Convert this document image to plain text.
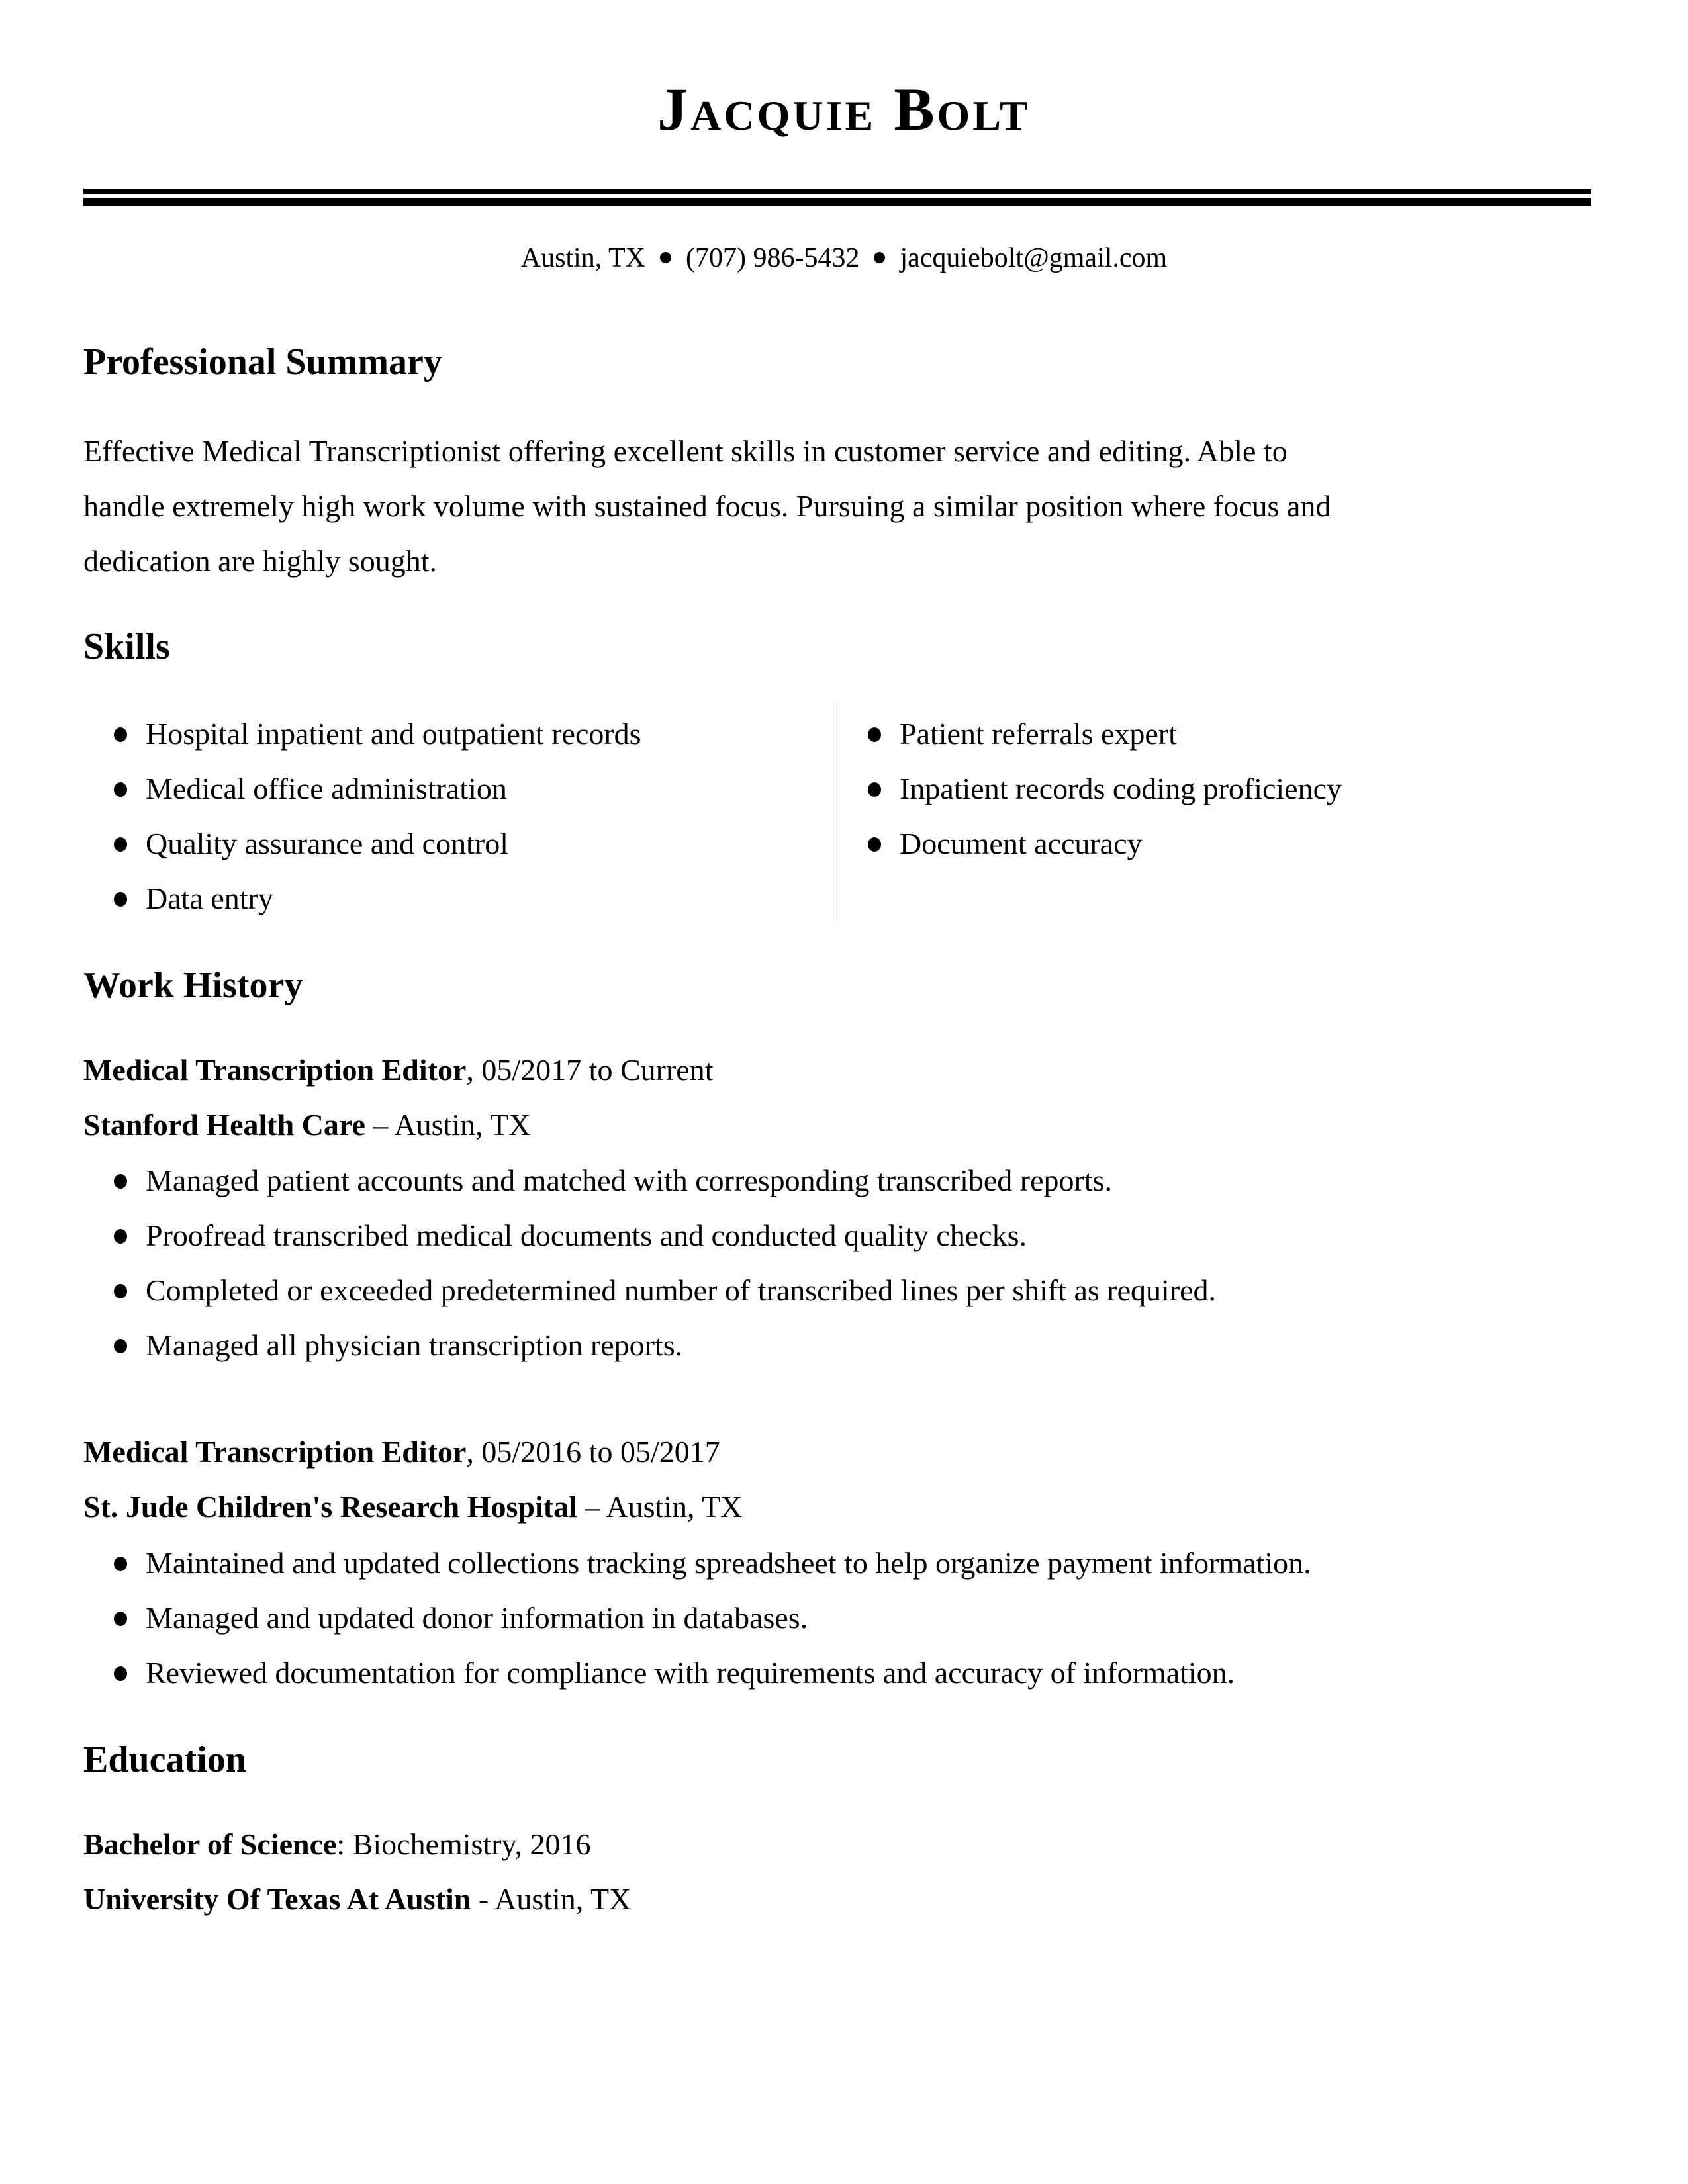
Jacquie Bolt
Austin, TX (707) 986-5432 jacquiebolt@gmail.com
Professional Summary
Effective Medical Transcriptionist offering excellent skills in customer service and editing. Able to
handle extremely high work volume with sustained focus. Pursuing a similar position where focus and
dedication are highly sought.
Skills
Hospital inpatient and outpatient records
Medical office administration
Quality assurance and control
Data entry
Patient referrals expert
Inpatient records coding proficiency
Document accuracy
Work History
Medical Transcription Editor, 05/2017 to Current
Stanford Health Care – Austin, TX
Managed patient accounts and matched with corresponding transcribed reports.
Proofread transcribed medical documents and conducted quality checks.
Completed or exceeded predetermined number of transcribed lines per shift as required.
Managed all physician transcription reports.
Medical Transcription Editor, 05/2016 to 05/2017
St. Jude Children's Research Hospital – Austin, TX
Maintained and updated collections tracking spreadsheet to help organize payment information.
Managed and updated donor information in databases.
Reviewed documentation for compliance with requirements and accuracy of information.
Education
Bachelor of Science: Biochemistry, 2016
University Of Texas At Austin - Austin, TX
